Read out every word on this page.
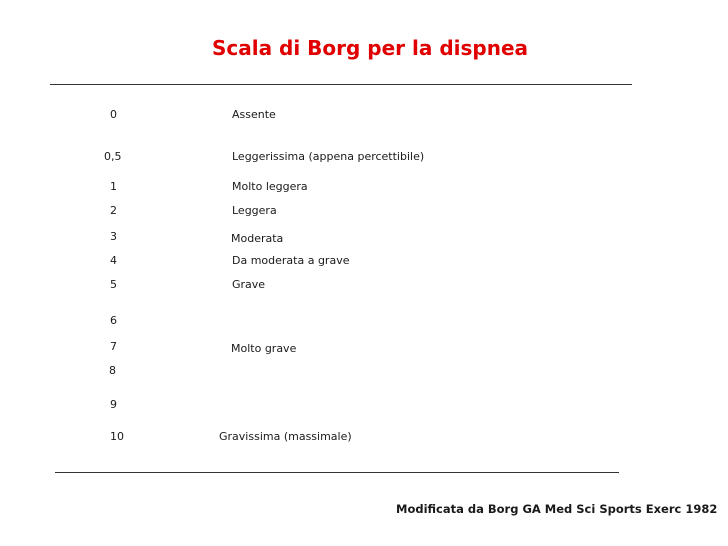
Scala di Borg per la dispnea
0	Assente
0,5	Leggerissima (appena percettibile)
1	Molto leggera
2	Leggera
3	Moderata
4	Da moderata a grave
5	Grave
6
7	Molto grave
8
9
10	Gravissima (massimale)
Modificata da Borg GA Med Sci Sports Exerc 1982
